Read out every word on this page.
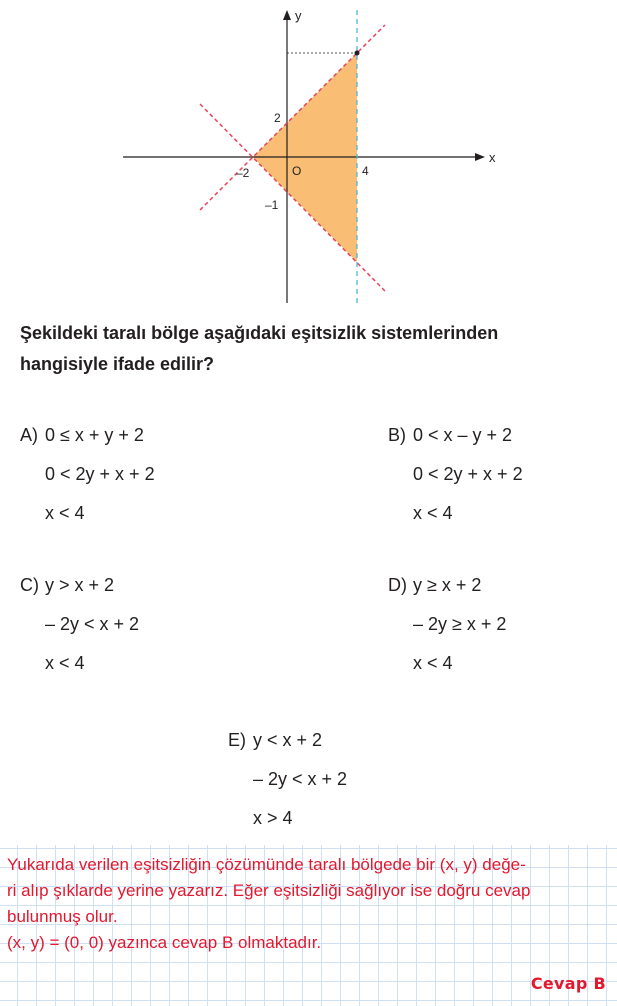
x
y
–2	O	4
2
–1

Şekildeki taralı bölge aşağıdaki eşitsizlik sistemlerinden
hangisiyle ifade edilir?

A) 0 ≤ x + y + 2
0 < 2y + x + 2
x < 4
B) 0 < x – y + 2
0 < 2y + x + 2
x < 4
C) y > x + 2
– 2y < x + 2
x < 4
D) y ≥ x + 2
– 2y ≥ x + 2
x < 4
E) y < x + 2
– 2y < x + 2
x > 4

Yukarıda verilen eşitsizliğin çözümünde taralı bölgede bir (x, y) değe-
ri alıp şıklarde yerine yazarız. Eğer eşitsizliği sağlıyor ise doğru cevap
bulunmuş olur.
(x, y) = (0, 0) yazınca cevap B olmaktadır.

Cevap B
